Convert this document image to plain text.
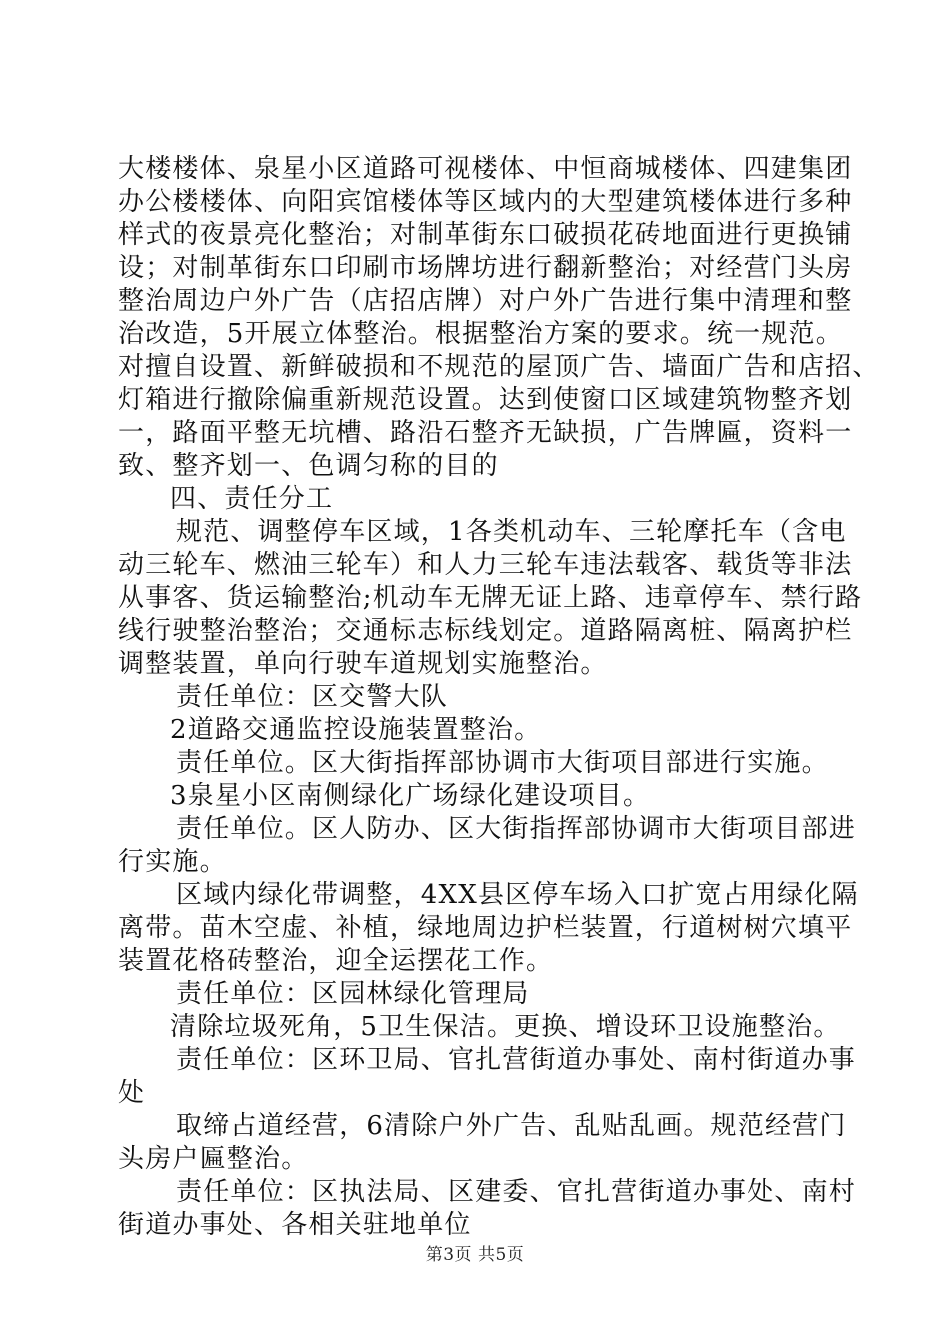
大楼楼体、泉星小区道路可视楼体、中恒商城楼体、四建集团
办公楼楼体、向阳宾馆楼体等区域内的大型建筑楼体进行多种
样式的夜景亮化整治；对制革街东口破损花砖地面进行更换铺
设；对制革街东口印刷市场牌坊进行翻新整治；对经营门头房
整治周边户外广告（店招店牌）对户外广告进行集中清理和整
治改造，5开展立体整治。根据整治方案的要求。统一规范。
对擅自设置、新鲜破损和不规范的屋顶广告、墙面广告和店招、
灯箱进行撤除偏重新规范设置。达到使窗口区域建筑物整齐划
一，路面平整无坑槽、路沿石整齐无缺损，广告牌匾，资料一
致、整齐划一、色调匀称的目的
四、责任分工
规范、调整停车区域，1各类机动车、三轮摩托车（含电
动三轮车、燃油三轮车）和人力三轮车违法载客、载货等非法
从事客、货运输整治;机动车无牌无证上路、违章停车、禁行路
线行驶整治整治；交通标志标线划定。道路隔离桩、隔离护栏
调整装置，单向行驶车道规划实施整治。
责任单位：区交警大队
2道路交通监控设施装置整治。
责任单位。区大街指挥部协调市大街项目部进行实施。
3泉星小区南侧绿化广场绿化建设项目。
责任单位。区人防办、区大街指挥部协调市大街项目部进
行实施。
区域内绿化带调整，4XX县区停车场入口扩宽占用绿化隔
离带。苗木空虚、补植，绿地周边护栏装置，行道树树穴填平
装置花格砖整治，迎全运摆花工作。
责任单位：区园林绿化管理局
清除垃圾死角，5卫生保洁。更换、增设环卫设施整治。
责任单位：区环卫局、官扎营街道办事处、南村街道办事
处
取缔占道经营，6清除户外广告、乱贴乱画。规范经营门
头房户匾整治。
责任单位：区执法局、区建委、官扎营街道办事处、南村
街道办事处、各相关驻地单位
第3页 共5页
